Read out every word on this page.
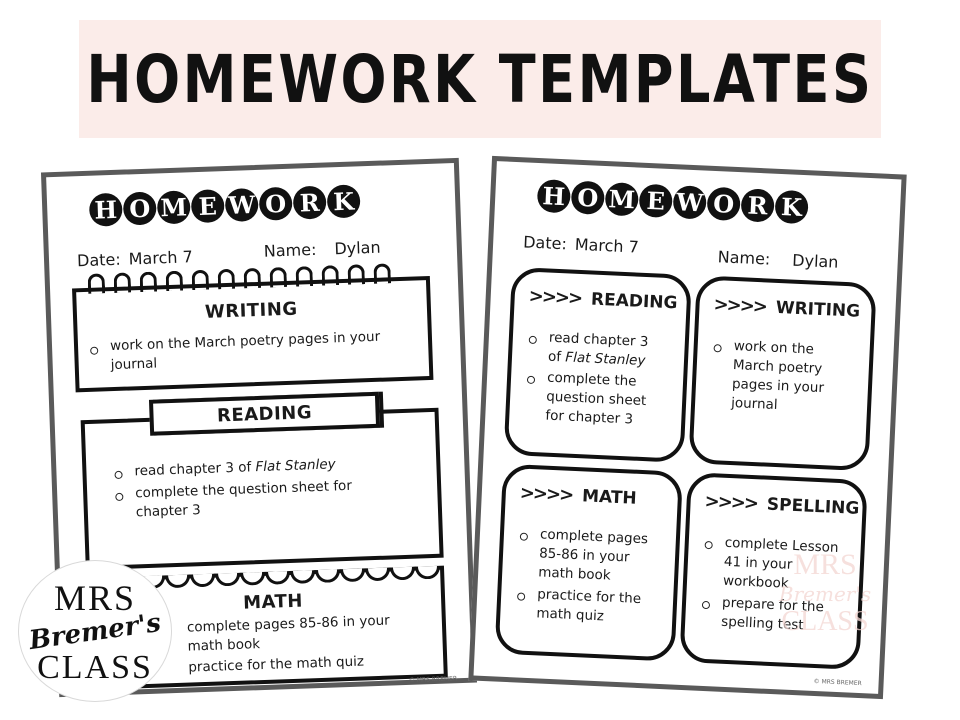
HOMEWORK TEMPLATES
H O M E W O R K
Date: March 7	Name: Dylan
WRITING
work on the March poetry pages in your journal
read chapter 3 of Flat Stanley
complete the question sheet for chapter 3
READING
MATH
complete pages 85-86 in your math book
practice for the math quiz
© MRS BREMER
H O M E W O R K
Date: March 7
Name: Dylan
>>>> READING
read chapter 3 of Flat Stanley
complete the question sheet for chapter 3
>>>> WRITING
work on the March poetry pages in your journal
>>>> MATH
complete pages 85-86 in your math book
practice for the math quiz
>>>> SPELLING
complete Lesson 41 in your workbook
prepare for the spelling test
© MRS BREMER
MRS
Bremer's
CLASS
MRS
Bremer's
CLASS
